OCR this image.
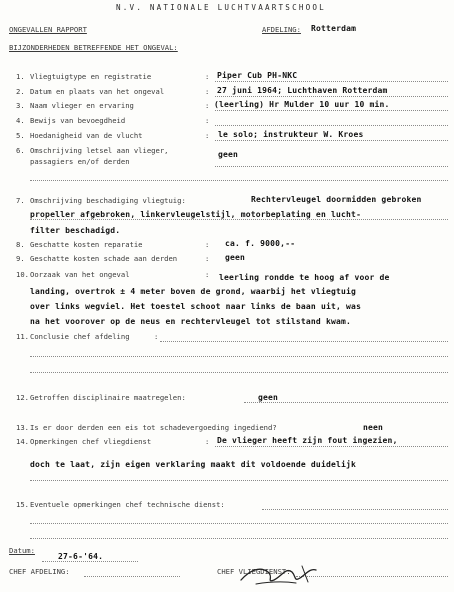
N.V. NATIONALE LUCHTVAARTSCHOOL
ONGEVALLEN RAPPORT	AFDELING: Rotterdam
BIJZONDERHEDEN BETREFFENDE HET ONGEVAL:
1. Vliegtuigtype en registratie	: Piper Cub PH-NKC
2. Datum en plaats van het ongeval	: 27 juni 1964; Luchthaven Rotterdam
3. Naam vlieger en ervaring	: (leerling) Hr Mulder 10 uur 10 min.
4. Bewijs van bevoegdheid	:
5. Hoedanigheid van de vlucht	: le solo; instrukteur W. Kroes
6. Omschrijving letsel aan vlieger,
passagiers en/of derden
geen
7. Omschrijving beschadiging vliegtuig:	Rechtervleugel doormidden gebroken
propeller afgebroken, linkervleugelstijl, motorbeplating en lucht-
filter beschadigd.
8. Geschatte kosten reparatie	: ca. f. 9000,--
9. Geschatte kosten schade aan derden	: geen
10. Oorzaak van het ongeval	: leerling rondde te hoog af voor de
landing, overtrok ± 4 meter boven de grond, waarbij het vliegtuig
over links wegviel. Het toestel schoot naar links de baan uit, was
na het voorover op de neus en rechtervleugel tot stilstand kwam.
11. Conclusie chef afdeling	:
12. Getroffen disciplinaire maatregelen:	geen
13. Is er door derden een eis tot schadevergoeding ingediend?	neen
14. Opmerkingen chef vliegdienst	: De vlieger heeft zijn fout ingezien,
doch te laat, zijn eigen verklaring maakt dit voldoende duidelijk
15. Eventuele opmerkingen chef technische dienst:
Datum:
27-6-'64.
CHEF AFDELING:	CHEF VLIEGDIENST:
